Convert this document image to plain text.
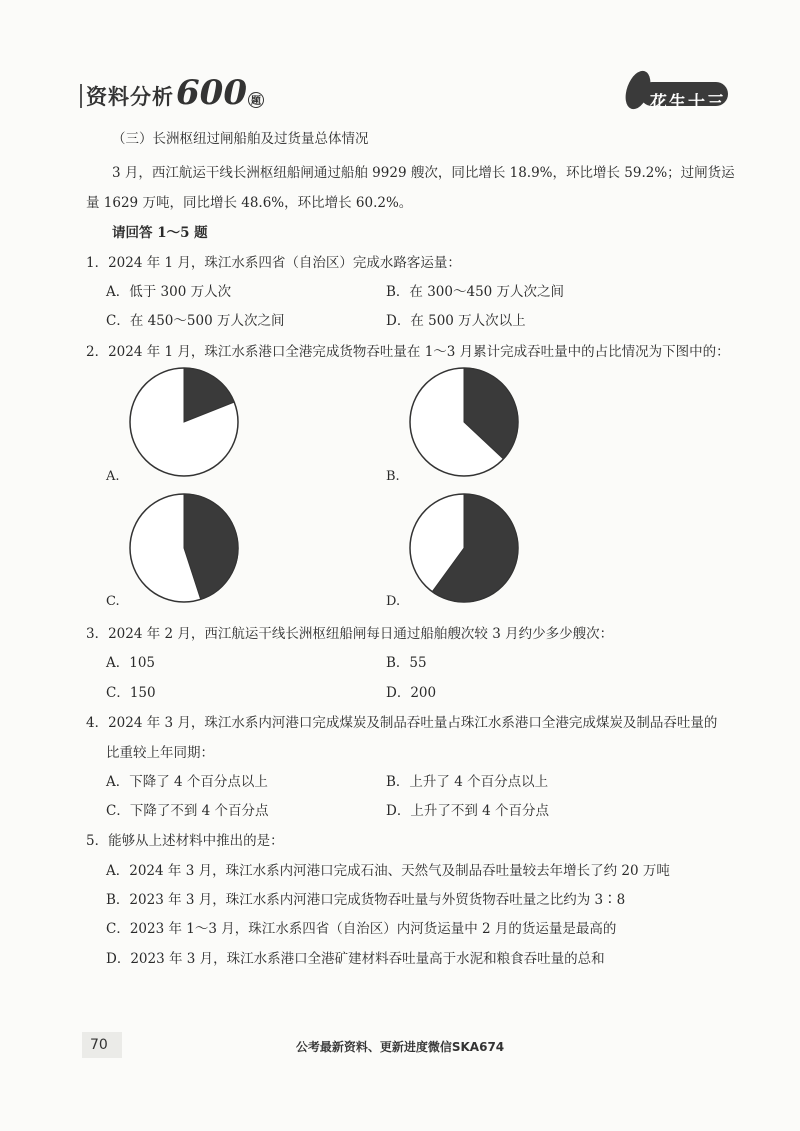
资料分析 600 题	花生十三
（三）长洲枢纽过闸船舶及过货量总体情况
3 月，西江航运干线长洲枢纽船闸通过船舶 9929 艘次，同比增长 18.9%，环比增长 59.2%；过闸货运
量 1629 万吨，同比增长 48.6%，环比增长 60.2%。
请回答 1～5 题
1．2024 年 1 月，珠江水系四省（自治区）完成水路客运量：
A．低于 300 万人次	B．在 300～450 万人次之间
C．在 450～500 万人次之间	D．在 500 万人次以上
2．2024 年 1 月，珠江水系港口全港完成货物吞吐量在 1～3 月累计完成吞吐量中的占比情况为下图中的：
A.	B.
C.	D.
3．2024 年 2 月，西江航运干线长洲枢纽船闸每日通过船舶艘次较 3 月约少多少艘次：
A．105	B．55
C．150	D．200
4．2024 年 3 月，珠江水系内河港口完成煤炭及制品吞吐量占珠江水系港口全港完成煤炭及制品吞吐量的
比重较上年同期：
A．下降了 4 个百分点以上	B．上升了 4 个百分点以上
C．下降了不到 4 个百分点	D．上升了不到 4 个百分点
5．能够从上述材料中推出的是：
A．2024 年 3 月，珠江水系内河港口完成石油、天然气及制品吞吐量较去年增长了约 20 万吨
B．2023 年 3 月，珠江水系内河港口完成货物吞吐量与外贸货物吞吐量之比约为 3∶8
C．2023 年 1～3 月，珠江水系四省（自治区）内河货运量中 2 月的货运量是最高的
D．2023 年 3 月，珠江水系港口全港矿建材料吞吐量高于水泥和粮食吞吐量的总和
70	公考最新资料、更新进度微信SKA674
